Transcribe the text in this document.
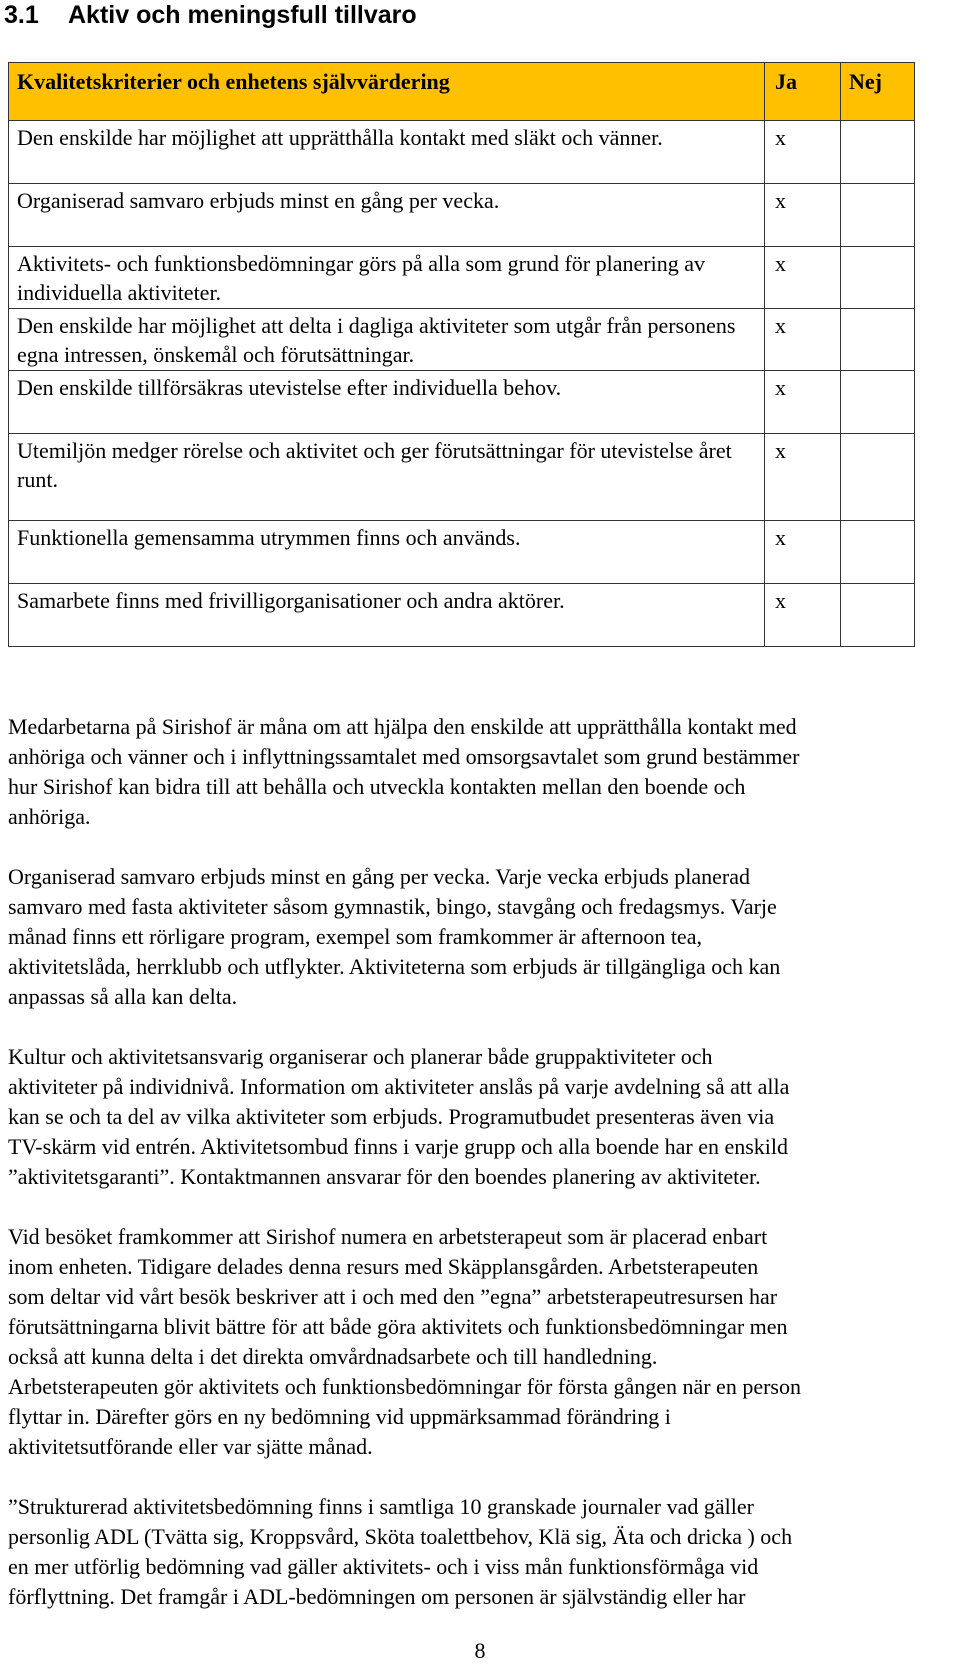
3.1 Aktiv och meningsfull tillvaro
Kvalitetskriterier och enhetens självvärdering	Ja	Nej
Den enskilde har möjlighet att upprätthålla kontakt med släkt och vänner.	x	
Organiserad samvaro erbjuds minst en gång per vecka.	x	
Aktivitets- och funktionsbedömningar görs på alla som grund för planering av individuella aktiviteter.	x	
Den enskilde har möjlighet att delta i dagliga aktiviteter som utgår från personens egna intressen, önskemål och förutsättningar.	x	
Den enskilde tillförsäkras utevistelse efter individuella behov.	x	
Utemiljön medger rörelse och aktivitet och ger förutsättningar för utevistelse året runt.	x	
Funktionella gemensamma utrymmen finns och används.	x	
Samarbete finns med frivilligorganisationer och andra aktörer.	x	

Medarbetarna på Sirishof är måna om att hjälpa den enskilde att upprätthålla kontakt med
anhöriga och vänner och i inflyttningssamtalet med omsorgsavtalet som grund bestämmer
hur Sirishof kan bidra till att behålla och utveckla kontakten mellan den boende och
anhöriga.

Organiserad samvaro erbjuds minst en gång per vecka. Varje vecka erbjuds planerad
samvaro med fasta aktiviteter såsom gymnastik, bingo, stavgång och fredagsmys. Varje
månad finns ett rörligare program, exempel som framkommer är afternoon tea,
aktivitetslåda, herrklubb och utflykter. Aktiviteterna som erbjuds är tillgängliga och kan
anpassas så alla kan delta.

Kultur och aktivitetsansvarig organiserar och planerar både gruppaktiviteter och
aktiviteter på individnivå. Information om aktiviteter anslås på varje avdelning så att alla
kan se och ta del av vilka aktiviteter som erbjuds. Programutbudet presenteras även via
TV-skärm vid entrén. Aktivitetsombud finns i varje grupp och alla boende har en enskild
”aktivitetsgaranti”. Kontaktmannen ansvarar för den boendes planering av aktiviteter.

Vid besöket framkommer att Sirishof numera en arbetsterapeut som är placerad enbart
inom enheten. Tidigare delades denna resurs med Skäpplansgården. Arbetsterapeuten
som deltar vid vårt besök beskriver att i och med den ”egna” arbetsterapeutresursen har
förutsättningarna blivit bättre för att både göra aktivitets och funktionsbedömningar men
också att kunna delta i det direkta omvårdnadsarbete och till handledning.
Arbetsterapeuten gör aktivitets och funktionsbedömningar för första gången när en person
flyttar in. Därefter görs en ny bedömning vid uppmärksammad förändring i
aktivitetsutförande eller var sjätte månad.

”Strukturerad aktivitetsbedömning finns i samtliga 10 granskade journaler vad gäller
personlig ADL (Tvätta sig, Kroppsvård, Sköta toalettbehov, Klä sig, Äta och dricka ) och
en mer utförlig bedömning vad gäller aktivitets- och i viss mån funktionsförmåga vid
förflyttning. Det framgår i ADL-bedömningen om personen är självständig eller har

8
